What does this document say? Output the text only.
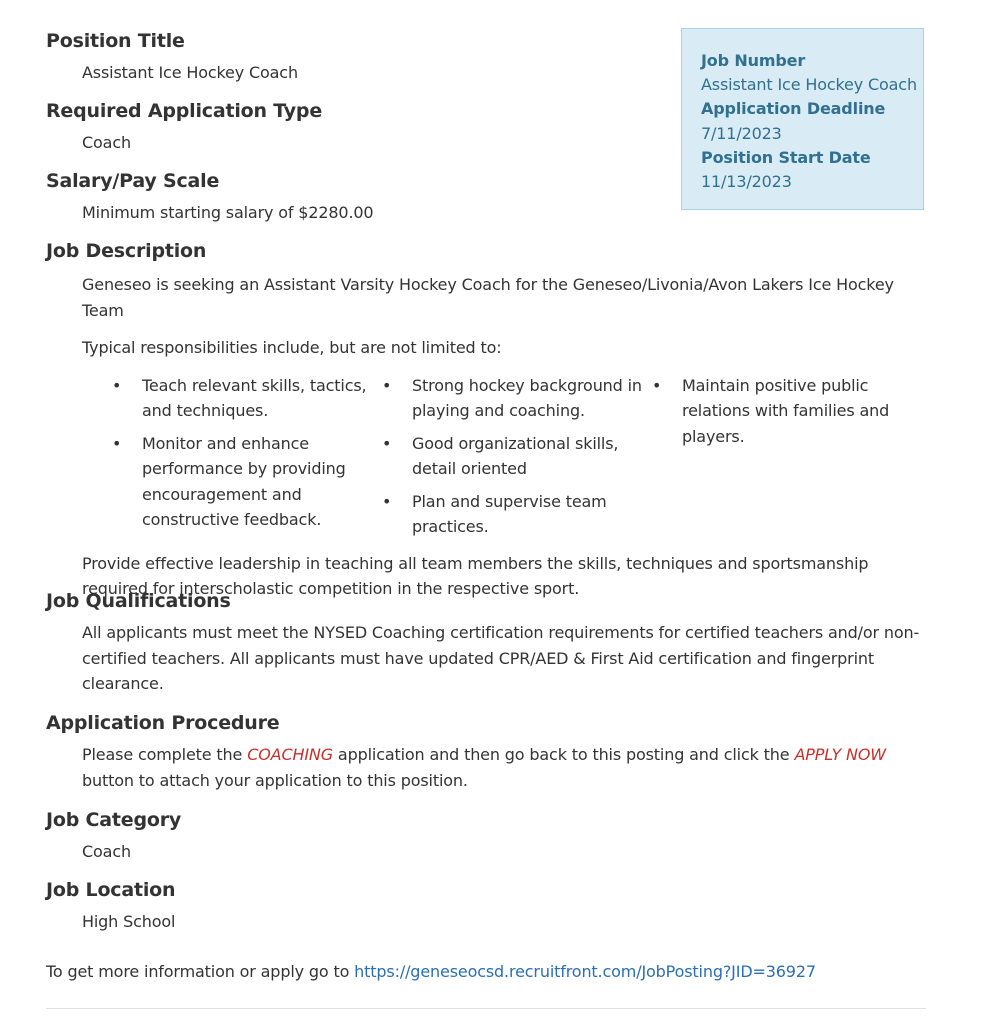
Job Number
Assistant Ice Hockey Coach
Application Deadline
7/11/2023
Position Start Date
11/13/2023
Position Title
Assistant Ice Hockey Coach
Required Application Type
Coach
Salary/Pay Scale
Minimum starting salary of $2280.00
Job Description
Geneseo is seeking an Assistant Varsity Hockey Coach for the Geneseo/Livonia/Avon Lakers Ice Hockey Team
Typical responsibilities include, but are not limited to:
• Teach relevant skills, tactics, and techniques.
• Monitor and enhance performance by providing encouragement and constructive feedback.
• Strong hockey background in playing and coaching.
• Good organizational skills, detail oriented
• Plan and supervise team practices.
• Maintain positive public relations with families and players.
Provide effective leadership in teaching all team members the skills, techniques and sportsmanship required for interscholastic competition in the respective sport.
Job Qualifications
All applicants must meet the NYSED Coaching certification requirements for certified teachers and/or non-certified teachers. All applicants must have updated CPR/AED & First Aid certification and fingerprint clearance.
Application Procedure
Please complete the COACHING application and then go back to this posting and click the APPLY NOW button to attach your application to this position.
Job Category
Coach
Job Location
High School
To get more information or apply go to https://geneseocsd.recruitfront.com/JobPosting?JID=36927
